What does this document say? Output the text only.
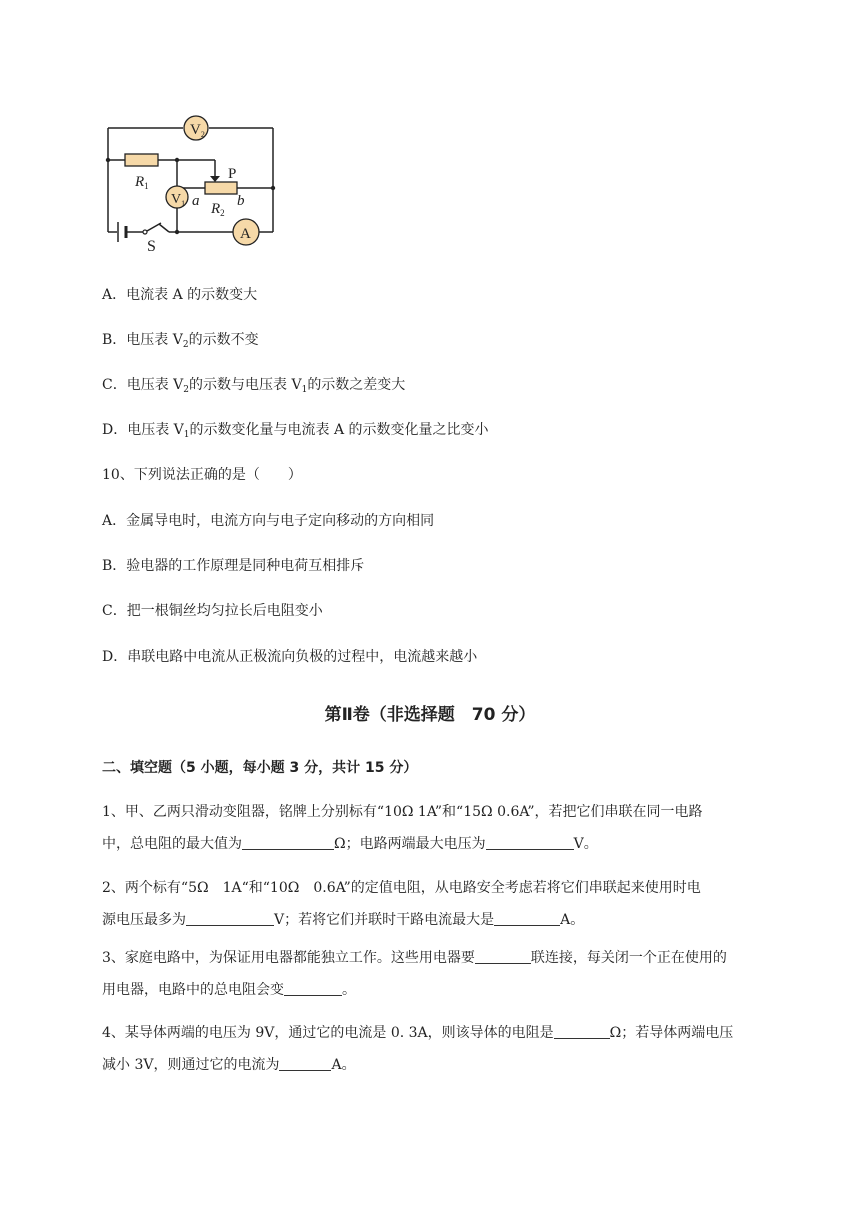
S
$R_1$
P
a	b
$R_2$
$V_2$
$V_1$
A
A．电流表 A 的示数变大
B．电压表 $V_2$的示数不变
C．电压表 $V_2$的示数与电压表 $V_1$的示数之差变大
D．电压表 $V_1$的示数变化量与电流表 A 的示数变化量之比变小
10、下列说法正确的是（　　）
A．金属导电时，电流方向与电子定向移动的方向相同
B．验电器的工作原理是同种电荷互相排斥
C．把一根铜丝均匀拉长后电阻变小
D．串联电路中电流从正极流向负极的过程中，电流越来越小
第Ⅱ卷（非选择题　70 分）
二、填空题（5 小题，每小题 3 分，共计 15 分）
1、甲、乙两只滑动变阻器，铭牌上分别标有“10Ω 1A”和“15Ω 0.6A”，若把它们串联在同一电路
中，总电阻的最大值为	Ω；电路两端最大电压为	V。
2、两个标有“5Ω　1A“和“10Ω　0.6A”的定值电阻，从电路安全考虑若将它们串联起来使用时电
源电压最多为	V；若将它们并联时干路电流最大是	A。
3、家庭电路中，为保证用电器都能独立工作。这些用电器要	联连接，每关闭一个正在使用的
用电器，电路中的总电阻会变	。
4、某导体两端的电压为 9V，通过它的电流是 0. 3A，则该导体的电阻是	Ω；若导体两端电压
减小 3V，则通过它的电流为	A。
